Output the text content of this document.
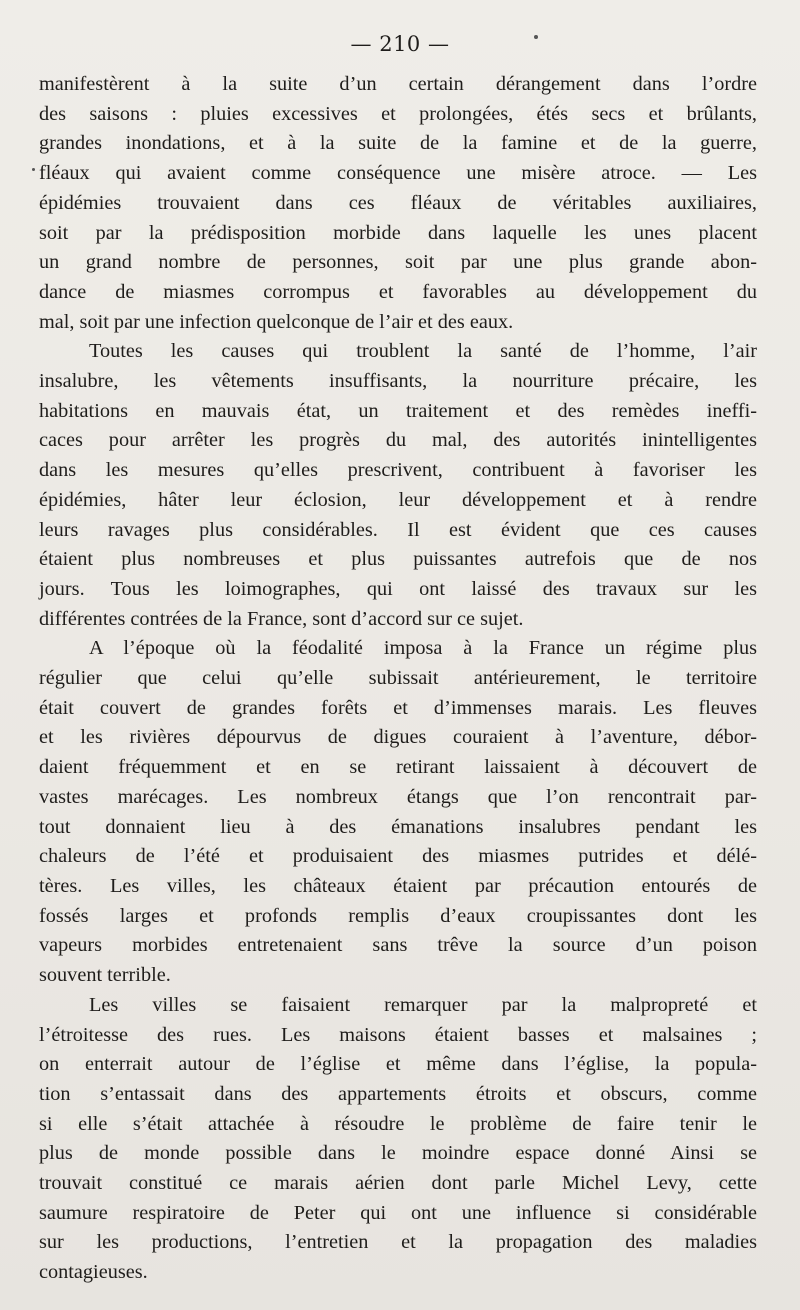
— 210 —

manifestèrent à la suite d’un certain dérangement dans l’ordre
des saisons : pluies excessives et prolongées, étés secs et brûlants,
grandes inondations, et à la suite de la famine et de la guerre,
fléaux qui avaient comme conséquence une misère atroce. — Les
épidémies trouvaient dans ces fléaux de véritables auxiliaires,
soit par la prédisposition morbide dans laquelle les unes placent
un grand nombre de personnes, soit par une plus grande abon-
dance de miasmes corrompus et favorables au développement du
mal, soit par une infection quelconque de l’air et des eaux.

Toutes les causes qui troublent la santé de l’homme, l’air
insalubre, les vêtements insuffisants, la nourriture précaire, les
habitations en mauvais état, un traitement et des remèdes ineffi-
caces pour arrêter les progrès du mal, des autorités inintelligentes
dans les mesures qu’elles prescrivent, contribuent à favoriser les
épidémies, hâter leur éclosion, leur développement et à rendre
leurs ravages plus considérables. Il est évident que ces causes
étaient plus nombreuses et plus puissantes autrefois que de nos
jours. Tous les loimographes, qui ont laissé des travaux sur les
différentes contrées de la France, sont d’accord sur ce sujet.

A l’époque où la féodalité imposa à la France un régime plus
régulier que celui qu’elle subissait antérieurement, le territoire
était couvert de grandes forêts et d’immenses marais. Les fleuves
et les rivières dépourvus de digues couraient à l’aventure, débor-
daient fréquemment et en se retirant laissaient à découvert de
vastes marécages. Les nombreux étangs que l’on rencontrait par-
tout donnaient lieu à des émanations insalubres pendant les
chaleurs de l’été et produisaient des miasmes putrides et délé-
tères. Les villes, les châteaux étaient par précaution entourés de
fossés larges et profonds remplis d’eaux croupissantes dont les
vapeurs morbides entretenaient sans trêve la source d’un poison
souvent terrible.

Les villes se faisaient remarquer par la malpropreté et
l’étroitesse des rues. Les maisons étaient basses et malsaines ;
on enterrait autour de l’église et même dans l’église, la popula-
tion s’entassait dans des appartements étroits et obscurs, comme
si elle s’était attachée à résoudre le problème de faire tenir le
plus de monde possible dans le moindre espace donné Ainsi se
trouvait constitué ce marais aérien dont parle Michel Levy, cette
saumure respiratoire de Peter qui ont une influence si considérable
sur les productions, l’entretien et la propagation des maladies
contagieuses.
